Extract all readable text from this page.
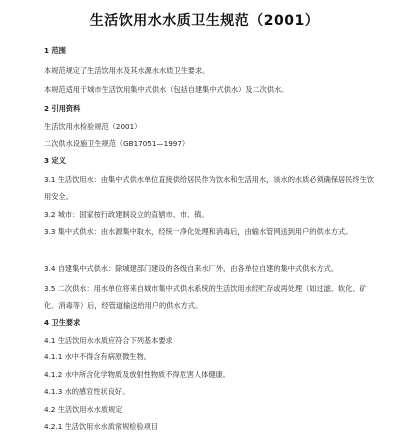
生活饮用水水质卫生规范（2001）
1 范围
本规范规定了生活饮用水及其水源水水质卫生要求。
本规范适用于城市生活饮用集中式供水（包括自建集中式供水）及二次供水。
2 引用资料
生活饮用水检验规范（2001）
二次供水设施卫生规范（GB17051—1997）
3 定义
3.1 生活饮用水：由集中式供水单位直接供给居民作为饮水和生活用水，该水的水质必须确保居民终生饮用安全。
3.2 城市：国家按行政建制设立的直辖市、市、镇。
3.3 集中式供水：由水源集中取水，经统一净化处理和消毒后，由输水管网送到用户的供水方式。
3.4 自建集中式供水：除城建部门建设的各级自来水厂外，由各单位自建的集中式供水方式。
3.5 二次供水：用水单位将来自城市集中式供水系统的生活饮用水经贮存或再处理（如过滤、软化、矿化、消毒等）后，经管道输送给用户的供水方式。
4 卫生要求
4.1 生活饮用水水质应符合下列基本要求
4.1.1 水中不得含有病原微生物。
4.1.2 水中所含化学物质及放射性物质不得危害人体健康。
4.1.3 水的感官性状良好。
4.2 生活饮用水水质规定
4.2.1 生活饮用水水质常规检验项目
